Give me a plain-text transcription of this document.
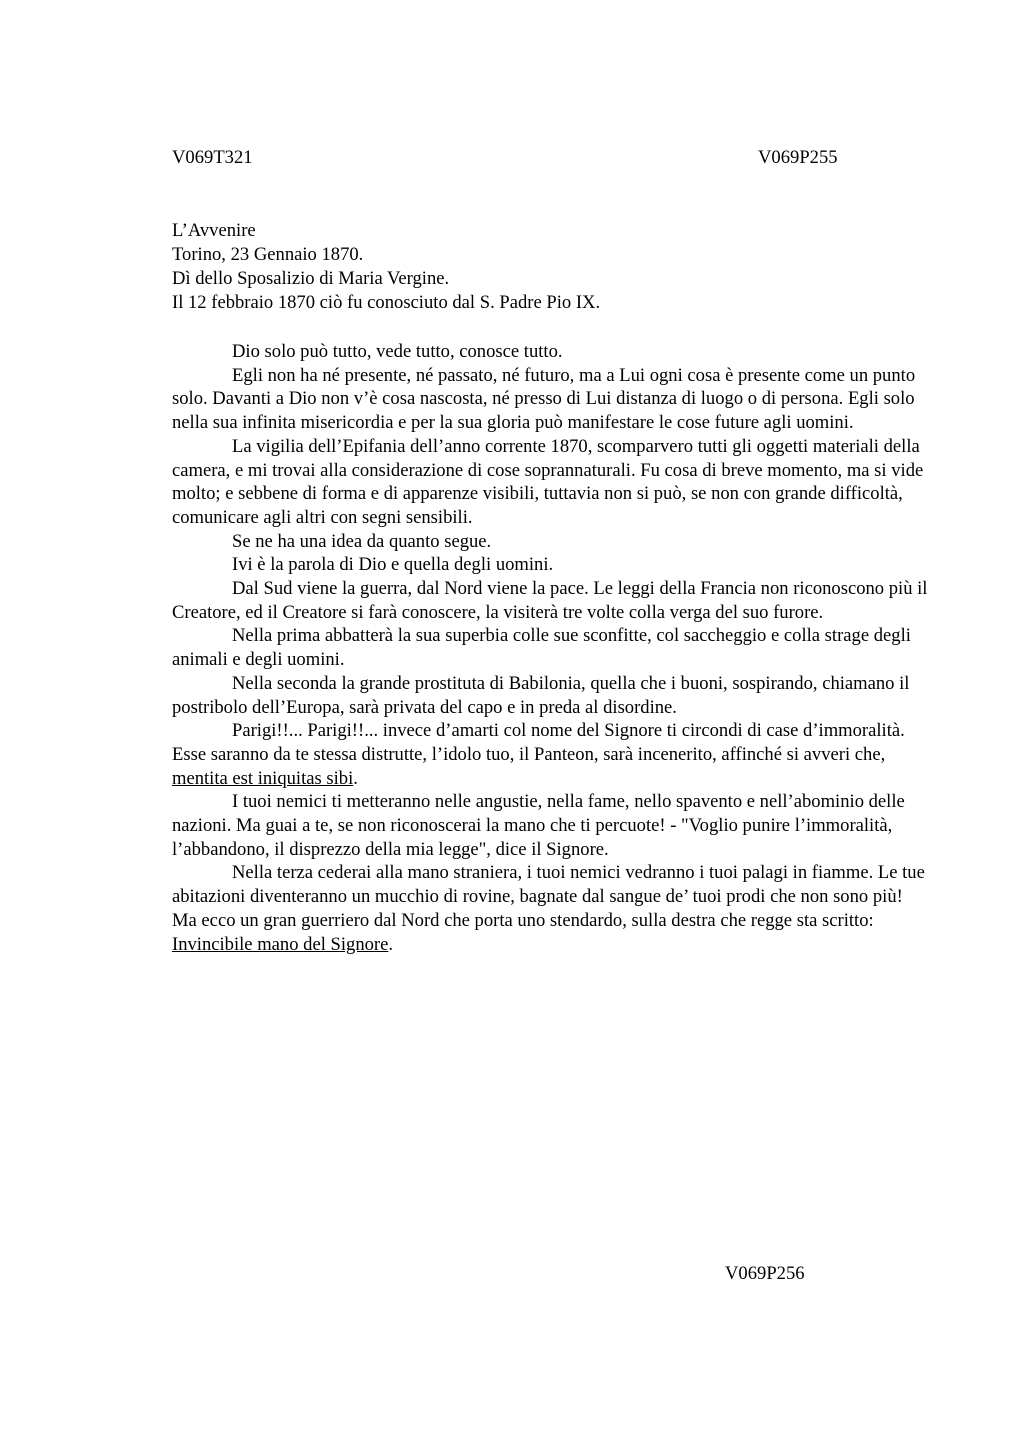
V069T321	V069P255
L’Avvenire
Torino, 23 Gennaio 1870.
Dì dello Sposalizio di Maria Vergine.
Il 12 febbraio 1870 ciò fu conosciuto dal S. Padre Pio IX.

Dio solo può tutto, vede tutto, conosce tutto.

Egli non ha né presente, né passato, né futuro, ma a Lui ogni cosa è presente come un punto solo. Davanti a Dio non v’è cosa nascosta, né presso di Lui distanza di luogo o di persona. Egli solo nella sua infinita misericordia e per la sua gloria può manifestare le cose future agli uomini.

La vigilia dell’Epifania dell’anno corrente 1870, scomparvero tutti gli oggetti materiali della camera, e mi trovai alla considerazione di cose soprannaturali. Fu cosa di breve momento, ma si vide molto; e sebbene di forma e di apparenze visibili, tuttavia non si può, se non con grande difficoltà, comunicare agli altri con segni sensibili.

Se ne ha una idea da quanto segue.

Ivi è la parola di Dio e quella degli uomini.

Dal Sud viene la guerra, dal Nord viene la pace. Le leggi della Francia non riconoscono più il Creatore, ed il Creatore si farà conoscere, la visiterà tre volte colla verga del suo furore.

Nella prima abbatterà la sua superbia colle sue sconfitte, col saccheggio e colla strage degli animali e degli uomini.

Nella seconda la grande prostituta di Babilonia, quella che i buoni, sospirando, chiamano il postribolo dell’Europa, sarà privata del capo e in preda al disordine.

Parigi!!... Parigi!!... invece d’amarti col nome del Signore ti circondi di case d’immoralità. Esse saranno da te stessa distrutte, l’idolo tuo, il Panteon, sarà incenerito, affinché si avveri che, mentita est iniquitas sibi.

I tuoi nemici ti metteranno nelle angustie, nella fame, nello spavento e nell’abominio delle nazioni. Ma guai a te, se non riconoscerai la mano che ti percuote! - "Voglio punire l’immoralità, l’abbandono, il disprezzo della mia legge", dice il Signore.

Nella terza cederai alla mano straniera, i tuoi nemici vedranno i tuoi palagi in fiamme. Le tue abitazioni diventeranno un mucchio di rovine, bagnate dal sangue de’ tuoi prodi che non sono più! Ma ecco un gran guerriero dal Nord che porta uno stendardo, sulla destra che regge sta scritto: Invincibile mano del Signore.

V069P256
